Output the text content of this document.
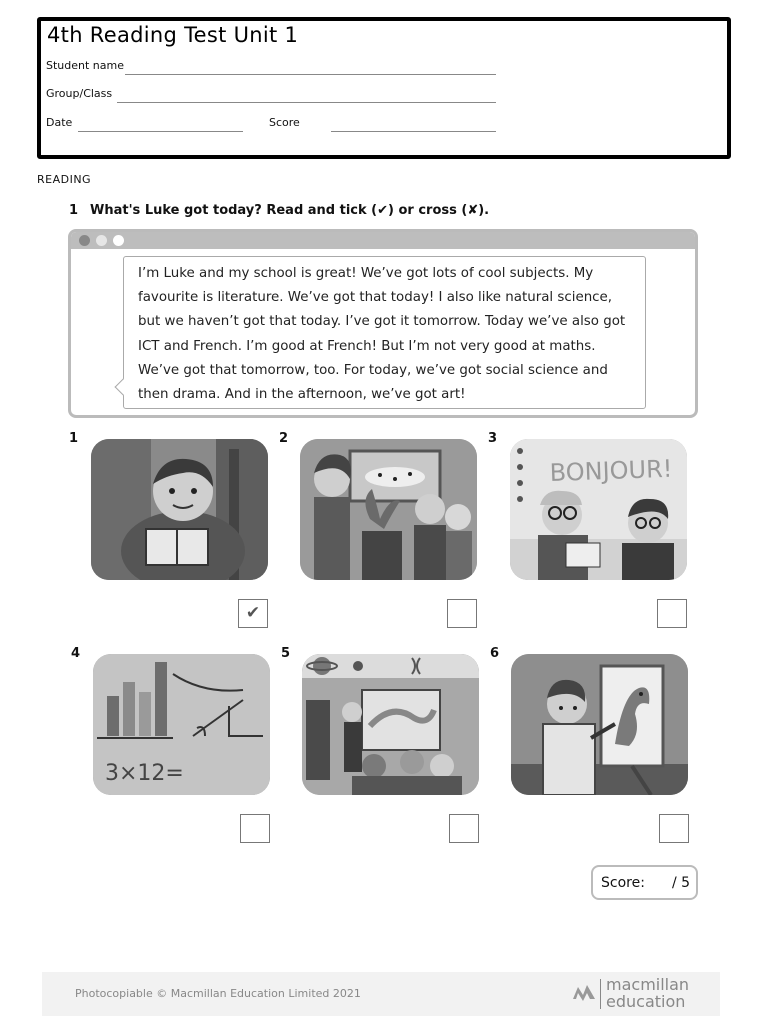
4th Reading Test Unit 1
Student name
Group/Class
Date	Score
READING
1 What's Luke got today? Read and tick (✔) or cross (✘).
I’m Luke and my school is great! We’ve got lots of cool subjects. My favourite is literature. We’ve got that today! I also like natural science, but we haven’t got that today. I’ve got it tomorrow. Today we’ve also got ICT and French. I’m good at French! But I’m not very good at maths. We’ve got that tomorrow, too. For today, we’ve got social science and then drama. And in the afternoon, we’ve got art!
1
✔
2	3
BONJOUR!
4
3×12=
5	6
Score: / 5
Photocopiable © Macmillan Education Limited 2021	macmillan
education
